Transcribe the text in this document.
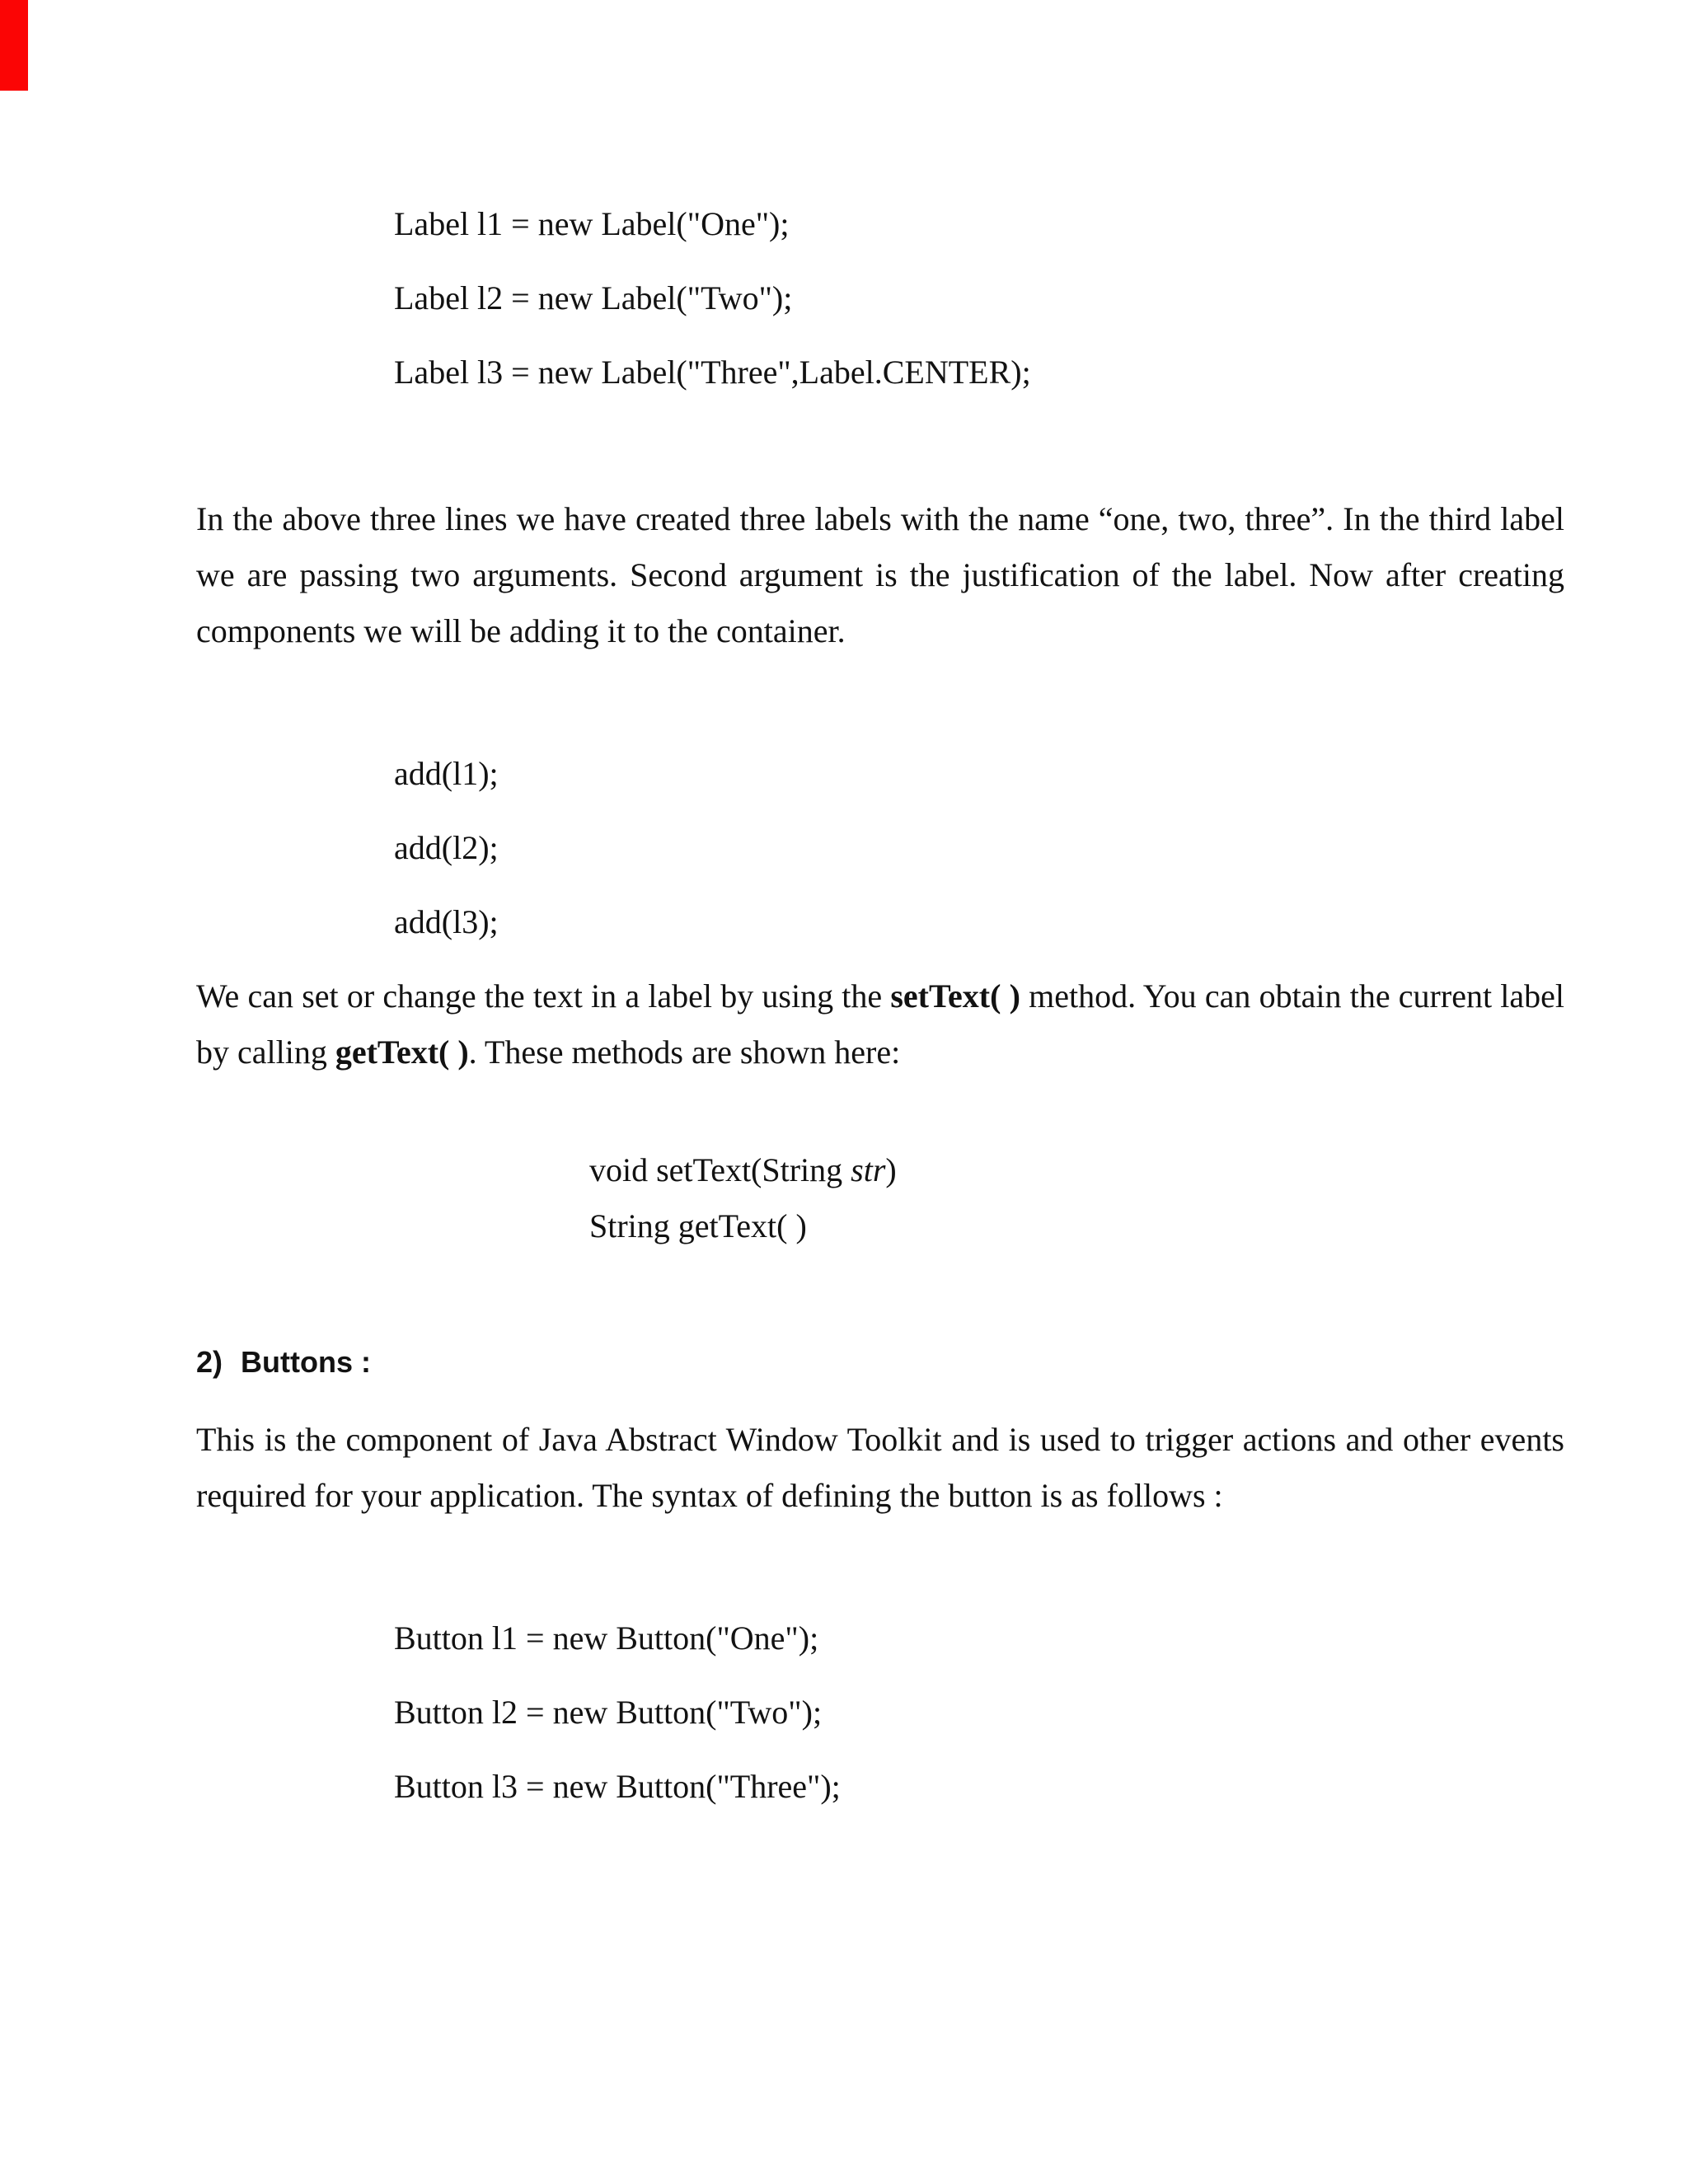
Label l1 = new Label("One");
Label l2 = new Label("Two");
Label l3 = new Label("Three",Label.CENTER);

In the above three lines we have created three labels with the name “one, two, three”. In the third label we are passing two arguments. Second argument is the justification of the label. Now after creating components we will be adding it to the container.

add(l1);
add(l2);
add(l3);

We can set or change the text in a label by using the setText( ) method. You can obtain the current label by calling getText( ). These methods are shown here:

void setText(String str)
String getText( )
2) Buttons :

This is the component of Java Abstract Window Toolkit and is used to trigger actions and other events required for your application. The syntax of defining the button is as follows :

Button l1 = new Button("One");
Button l2 = new Button("Two");
Button l3 = new Button("Three");
